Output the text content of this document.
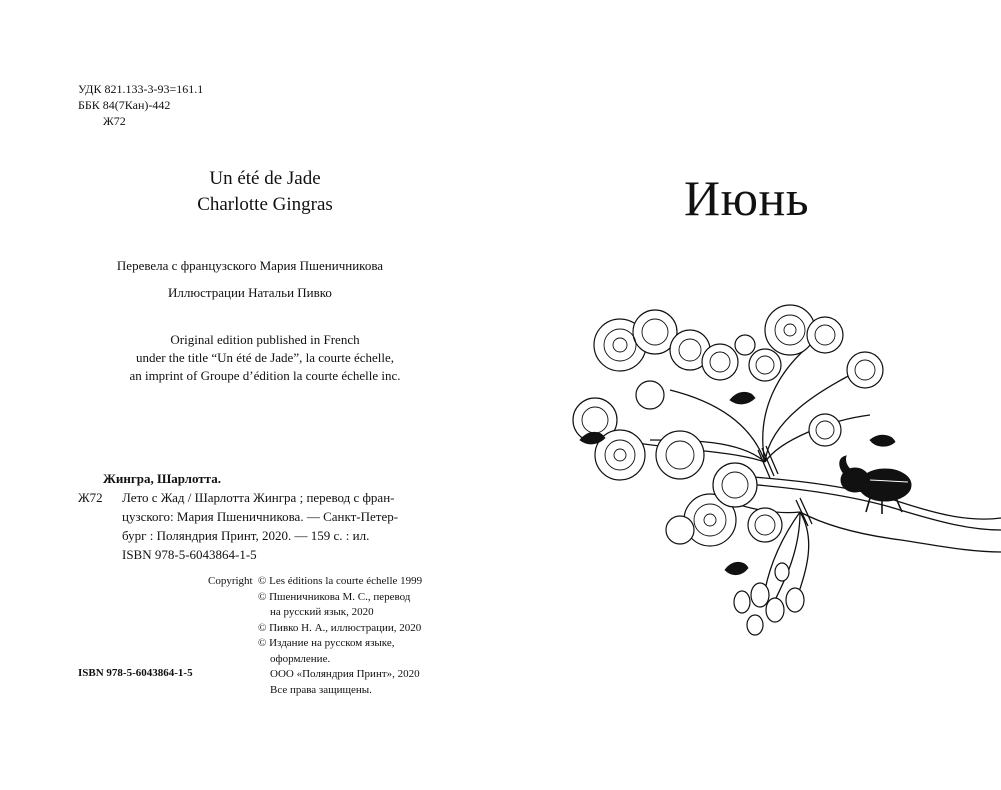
УДК 821.133-3-93=161.1
ББК 84(7Кан)-442
Ж72
Un été de Jade
Charlotte Gingras
Перевела с французского Мария Пшеничникова
Иллюстрации Натальи Пивко
Original edition published in French
under the title “Un été de Jade”, la courte échelle,
an imprint of Groupe d’édition la courte échelle inc.
Жингра, Шарлотта.
Ж72	Лето с Жад / Шарлотта Жингра ; перевод с фран-
цузского: Мария Пшеничникова. — Санкт-Петер-
бург : Поляндрия Принт, 2020. — 159 с. : ил.
ISBN 978-5-6043864-1-5
Copyright © Les éditions la courte échelle 1999
© Пшеничникова М. С., перевод
на русский язык, 2020
© Пивко Н. А., иллюстрации, 2020
© Издание на русском языке,
оформление.
ООО «Поляндрия Принт», 2020
Все права защищены.
ISBN 978-5-6043864-1-5
Июнь
